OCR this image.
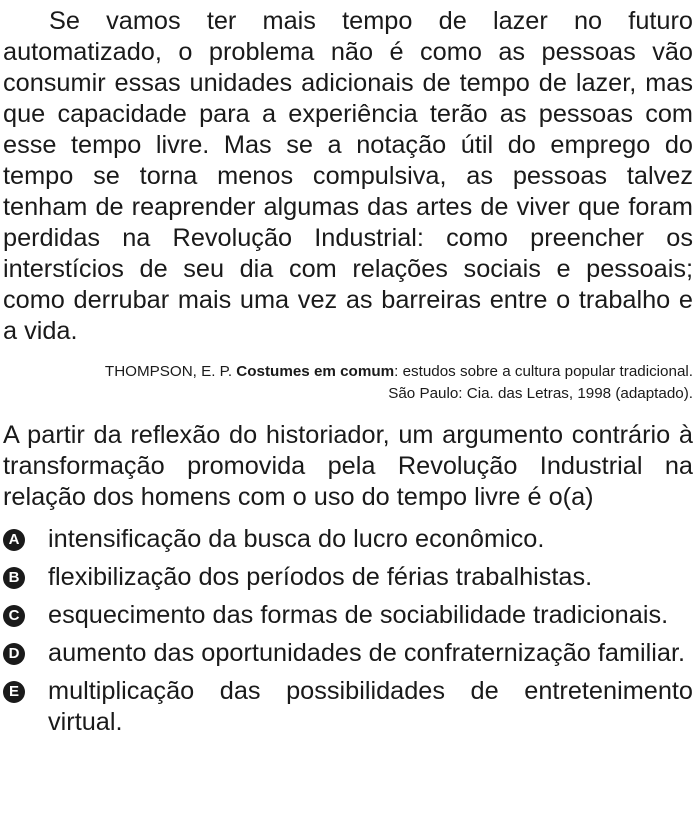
Se vamos ter mais tempo de lazer no futuro automatizado, o problema não é como as pessoas vão consumir essas unidades adicionais de tempo de lazer, mas que capacidade para a experiência terão as pessoas com esse tempo livre. Mas se a notação útil do emprego do tempo se torna menos compulsiva, as pessoas talvez tenham de reaprender algumas das artes de viver que foram perdidas na Revolução Industrial: como preencher os interstícios de seu dia com relações sociais e pessoais; como derrubar mais uma vez as barreiras entre o trabalho e a vida.

THOMPSON, E. P. Costumes em comum: estudos sobre a cultura popular tradicional.
São Paulo: Cia. das Letras, 1998 (adaptado).

A partir da reflexão do historiador, um argumento contrário à transformação promovida pela Revolução Industrial na relação dos homens com o uso do tempo livre é o(a)

A intensificação da busca do lucro econômico.
B flexibilização dos períodos de férias trabalhistas.
C esquecimento das formas de sociabilidade tradicionais.
D aumento das oportunidades de confraternização familiar.
E multiplicação das possibilidades de entretenimento virtual.
